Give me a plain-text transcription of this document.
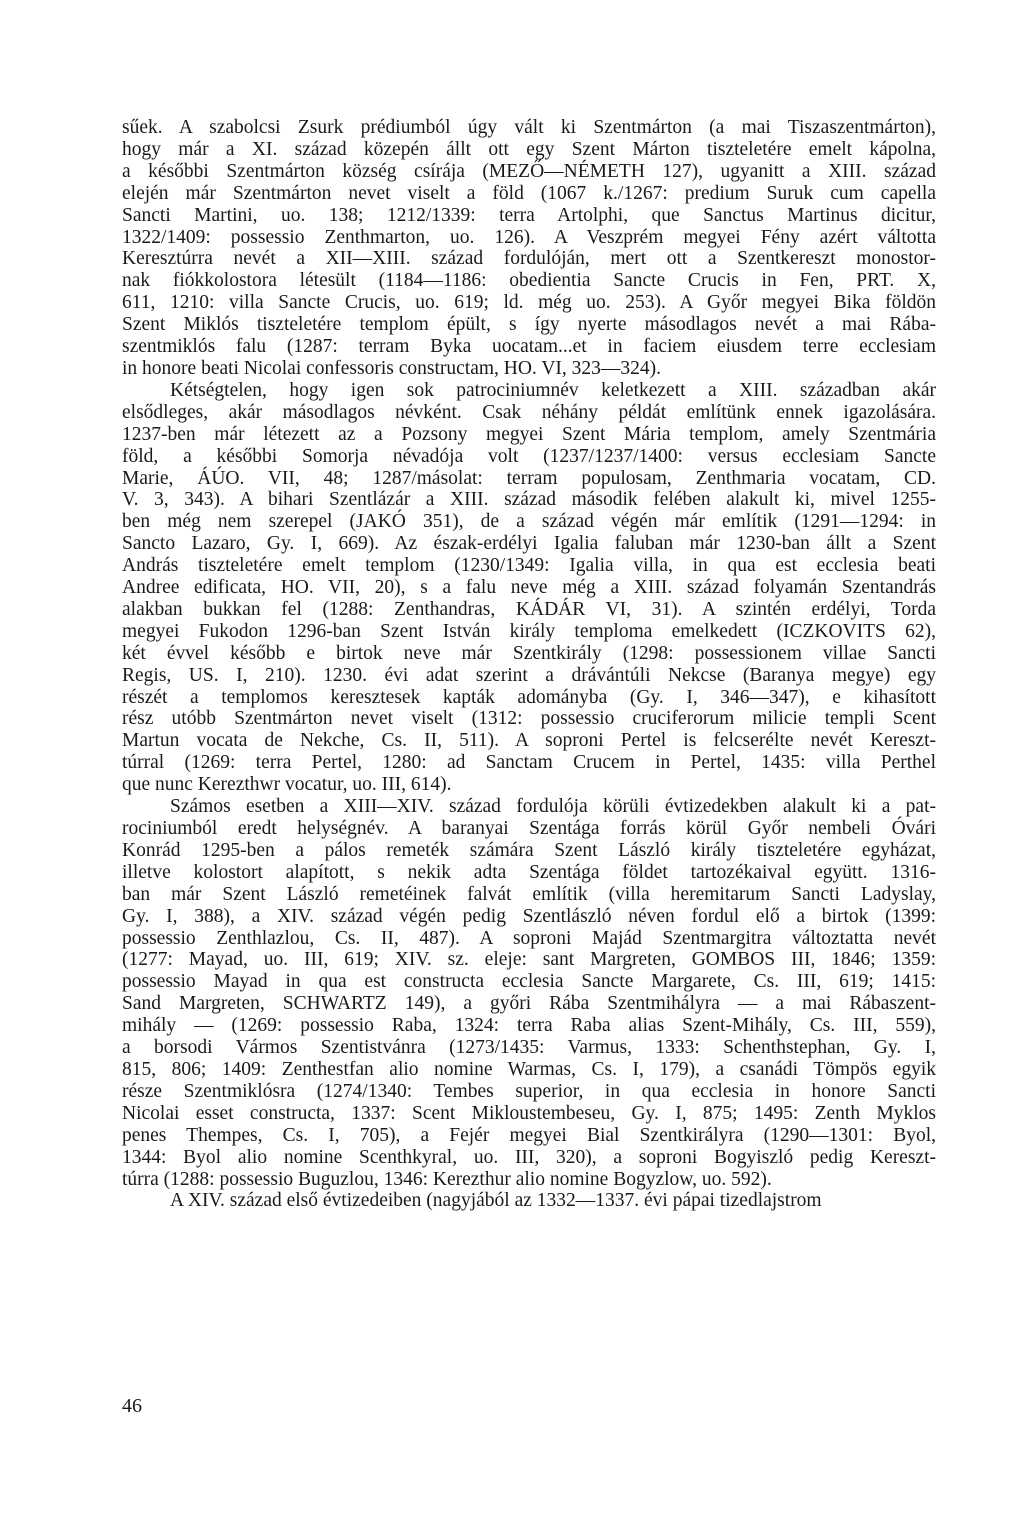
sűek. A szabolcsi Zsurk prédiumból úgy vált ki Szentmárton (a mai Tiszaszentmárton),
hogy már a XI. század közepén állt ott egy Szent Márton tiszteletére emelt kápolna,
a későbbi Szentmárton község csírája (MEZŐ—NÉMETH 127), ugyanitt a XIII. század
elején már Szentmárton nevet viselt a föld (1067 k./1267: predium Suruk cum capella
Sancti Martini, uo. 138; 1212/1339: terra Artolphi, que Sanctus Martinus dicitur,
1322/1409: possessio Zenthmarton, uo. 126). A Veszprém megyei Fény azért váltotta
Keresztúrra nevét a XII—XIII. század fordulóján, mert ott a Szentkereszt monostor-
nak fiókkolostora létesült (1184—1186: obedientia Sancte Crucis in Fen, PRT. X,
611, 1210: villa Sancte Crucis, uo. 619; ld. még uo. 253). A Győr megyei Bika földön
Szent Miklós tiszteletére templom épült, s így nyerte másodlagos nevét a mai Rába-
szentmiklós falu (1287: terram Byka uocatam...et in faciem eiusdem terre ecclesiam
in honore beati Nicolai confessoris constructam, HO. VI, 323—324).
Kétségtelen, hogy igen sok patrociniumnév keletkezett a XIII. században akár
elsődleges, akár másodlagos névként. Csak néhány példát említünk ennek igazolására.
1237-ben már létezett az a Pozsony megyei Szent Mária templom, amely Szentmária
föld, a későbbi Somorja névadója volt (1237/1237/1400: versus ecclesiam Sancte
Marie, ÁÚO. VII, 48; 1287/másolat: terram populosam, Zenthmaria vocatam, CD.
V. 3, 343). A bihari Szentlázár a XIII. század második felében alakult ki, mivel 1255-
ben még nem szerepel (JAKÓ 351), de a század végén már említik (1291—1294: in
Sancto Lazaro, Gy. I, 669). Az észak-erdélyi Igalia faluban már 1230-ban állt a Szent
András tiszteletére emelt templom (1230/1349: Igalia villa, in qua est ecclesia beati
Andree edificata, HO. VII, 20), s a falu neve még a XIII. század folyamán Szentandrás
alakban bukkan fel (1288: Zenthandras, KÁDÁR VI, 31). A szintén erdélyi, Torda
megyei Fukodon 1296-ban Szent István király temploma emelkedett (ICZKOVITS 62),
két évvel később e birtok neve már Szentkirály (1298: possessionem villae Sancti
Regis, US. I, 210). 1230. évi adat szerint a drávántúli Nekcse (Baranya megye) egy
részét a templomos keresztesek kapták adományba (Gy. I, 346—347), e kihasított
rész utóbb Szentmárton nevet viselt (1312: possessio cruciferorum milicie templi Scent
Martun vocata de Nekche, Cs. II, 511). A soproni Pertel is felcserélte nevét Kereszt-
túrral (1269: terra Pertel, 1280: ad Sanctam Crucem in Pertel, 1435: villa Perthel
que nunc Kerezthwr vocatur, uo. III, 614).
Számos esetben a XIII—XIV. század fordulója körüli évtizedekben alakult ki a pat-
rociniumból eredt helységnév. A baranyai Szentága forrás körül Győr nembeli Óvári
Konrád 1295-ben a pálos remeték számára Szent László király tiszteletére egyházat,
illetve kolostort alapított, s nekik adta Szentága földet tartozékaival együtt. 1316-
ban már Szent László remetéinek falvát említik (villa heremitarum Sancti Ladyslay,
Gy. I, 388), a XIV. század végén pedig Szentlászló néven fordul elő a birtok (1399:
possessio Zenthlazlou, Cs. II, 487). A soproni Majád Szentmargitra változtatta nevét
(1277: Mayad, uo. III, 619; XIV. sz. eleje: sant Margreten, GOMBOS III, 1846; 1359:
possessio Mayad in qua est constructa ecclesia Sancte Margarete, Cs. III, 619; 1415:
Sand Margreten, SCHWARTZ 149), a győri Rába Szentmihályra — a mai Rábaszent-
mihály — (1269: possessio Raba, 1324: terra Raba alias Szent-Mihály, Cs. III, 559),
a borsodi Vármos Szentistvánra (1273/1435: Varmus, 1333: Schenthstephan, Gy. I,
815, 806; 1409: Zenthestfan alio nomine Warmas, Cs. I, 179), a csanádi Tömpös egyik
része Szentmiklósra (1274/1340: Tembes superior, in qua ecclesia in honore Sancti
Nicolai esset constructa, 1337: Scent Mikloustembeseu, Gy. I, 875; 1495: Zenth Myklos
penes Thempes, Cs. I, 705), a Fejér megyei Bial Szentkirályra (1290—1301: Byol,
1344: Byol alio nomine Scenthkyral, uo. III, 320), a soproni Bogyiszló pedig Kereszt-
túrra (1288: possessio Buguzlou, 1346: Kerezthur alio nomine Bogyzlow, uo. 592).
A XIV. század első évtizedeiben (nagyjából az 1332—1337. évi pápai tizedlajstrom
46
